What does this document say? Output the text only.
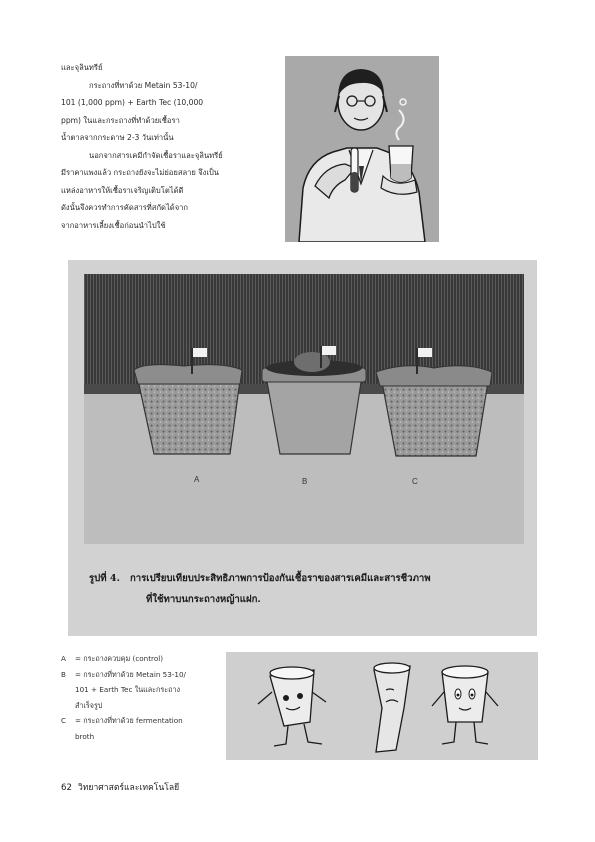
และจุลินทรีย์
กระถางที่ทาด้วย Metain 53-10/
101 (1,000 ppm) + Earth Tec (10,000
ppm) ในและกระถางที่ทำด้วยเชื้อรา
น้ำตาลจากกระดาษ 2-3 วันเท่านั้น
นอกจากสารเคมีกำจัดเชื้อราและจุลินทรีย์
มีราคาแพงแล้ว กระถางยังจะไม่ย่อยสลาย จึงเป็น
แหล่งอาหารให้เชื้อราเจริญเติบโตได้ดี
ดังนั้นจึงควรทำการคัดสารที่สกัดได้จาก
จากอาหารเลี้ยงเชื้อก่อนนำไปใช้
A	B	C
รูปที่ 4. การเปรียบเทียบประสิทธิภาพการป้องกันเชื้อราของสารเคมีและสารชีวภาพ
ที่ใช้ทาบนกระถางหญ้าแฝก.
A	= กระถางควบคุม (control)
B	= กระถางที่ทาด้วย Metain 53-10/
101 + Earth Tec ในและกระถาง
สำเร็จรูป
C	= กระถางที่ทาด้วย fermentation
broth
62 วิทยาศาสตร์และเทคโนโลยี
